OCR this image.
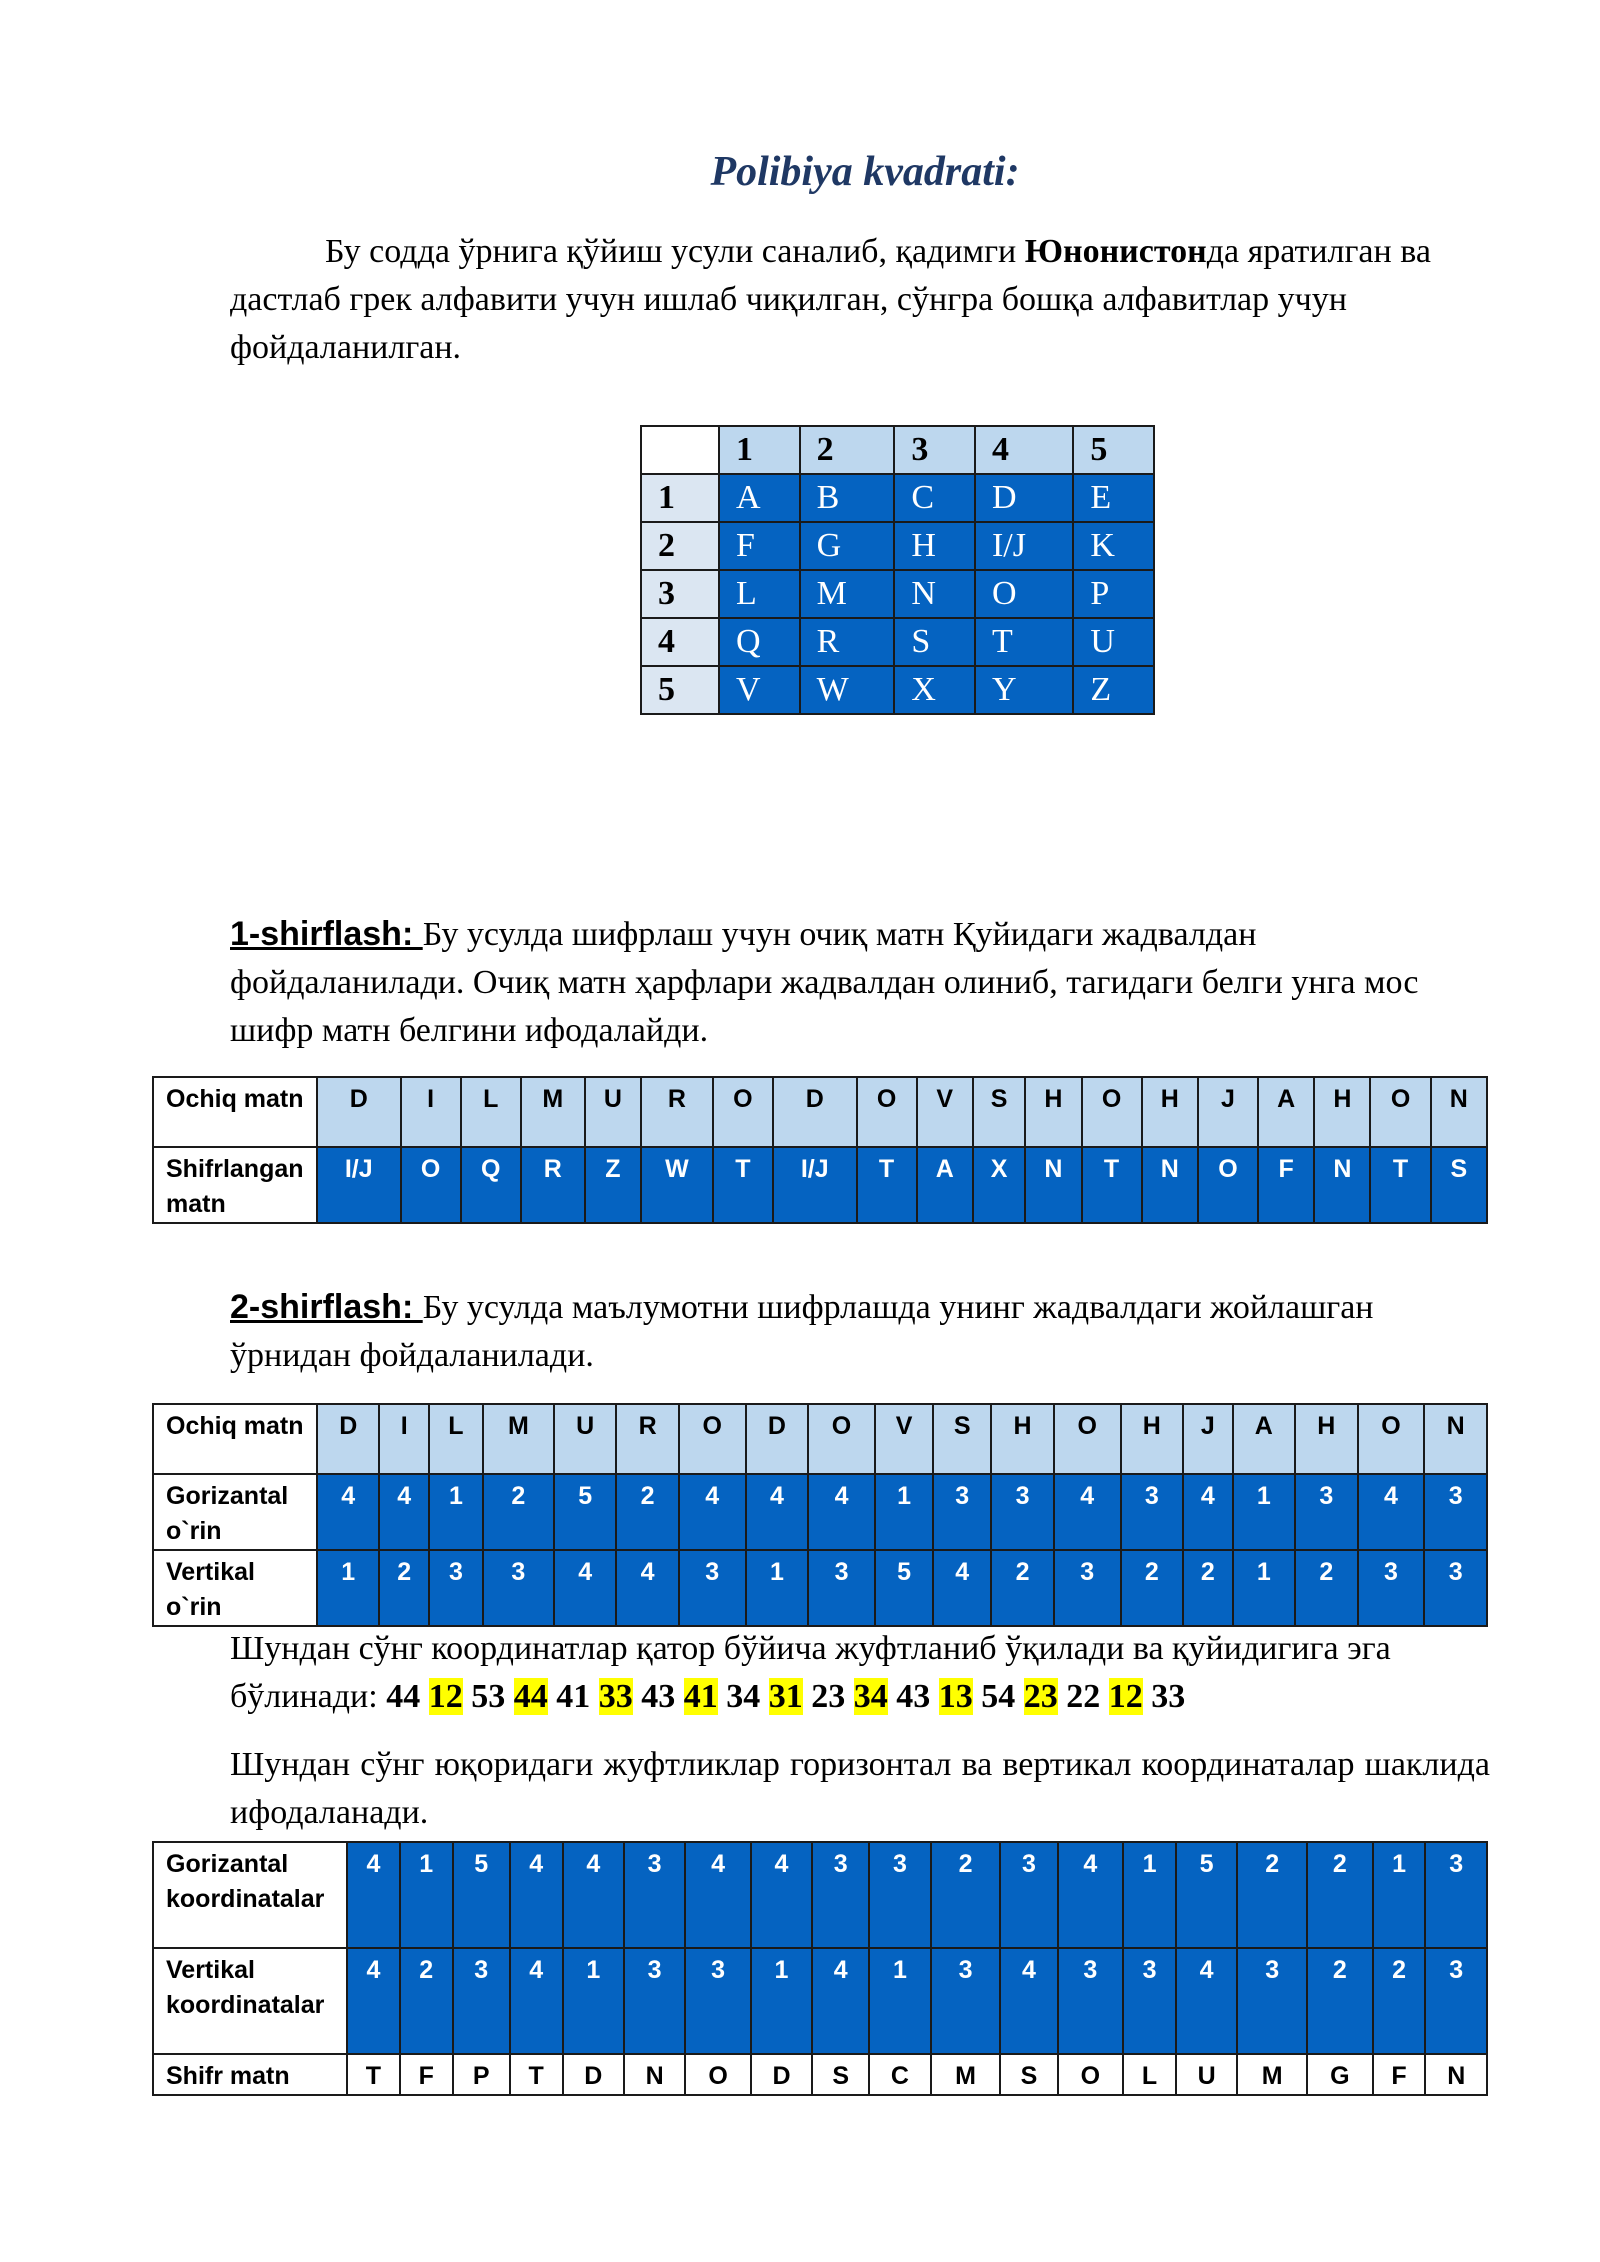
Polibiya kvadrati:
Бу содда ўрнига қўйиш усули саналиб, қадимги Юнонистонда яратилган ва дастлаб грек алфавити учун ишлаб чиқилган, сўнгра бошқа алфавитлар учун фойдаланилган.
	1	2	3	4	5
1	A	B	C	D	E
2	F	G	H	I/J	K
3	L	M	N	O	P
4	Q	R	S	T	U
5	V	W	X	Y	Z
1-shirflash: Бу усулда шифрлаш учун очиқ матн Қуйидаги жадвалдан фойдаланилади. Очиқ матн ҳарфлари жадвалдан олиниб, тагидаги белги унга мос шифр матн белгини ифодалайди.
Ochiq matn	D	I	L	M	U	R	O	D	O	V	S	H	O	H	J	A	H	O	N
Shifrlangan matn	I/J	O	Q	R	Z	W	T	I/J	T	A	X	N	T	N	O	F	N	T	S
2-shirflash: Бу усулда маълумотни шифрлашда унинг жадвалдаги жойлашган ўрнидан фойдаланилади.
Ochiq matn	D	I	L	M	U	R	O	D	O	V	S	H	O	H	J	A	H	O	N
Gorizantal o`rin	4	4	1	2	5	2	4	4	4	1	3	3	4	3	4	1	3	4	3
Vertikal o`rin	1	2	3	3	4	4	3	1	3	5	4	2	3	2	2	1	2	3	3
Шундан сўнг координатлар қатор бўйича жуфтланиб ўқилади ва қуйидигига эга бўлинади: 44 12 53 44 41 33 43 41 34 31 23 34 43 13 54 23 22 12 33
Шундан сўнг юқоридаги жуфтликлар горизонтал ва вертикал координаталар шаклида ифодаланади.
Gorizantal koordinatalar	4	1	5	4	4	3	4	4	3	3	2	3	4	1	5	2	2	1	3
Vertikal koordinatalar	4	2	3	4	1	3	3	1	4	1	3	4	3	3	4	3	2	2	3
Shifr matn	T	F	P	T	D	N	O	D	S	C	M	S	O	L	U	M	G	F	N
